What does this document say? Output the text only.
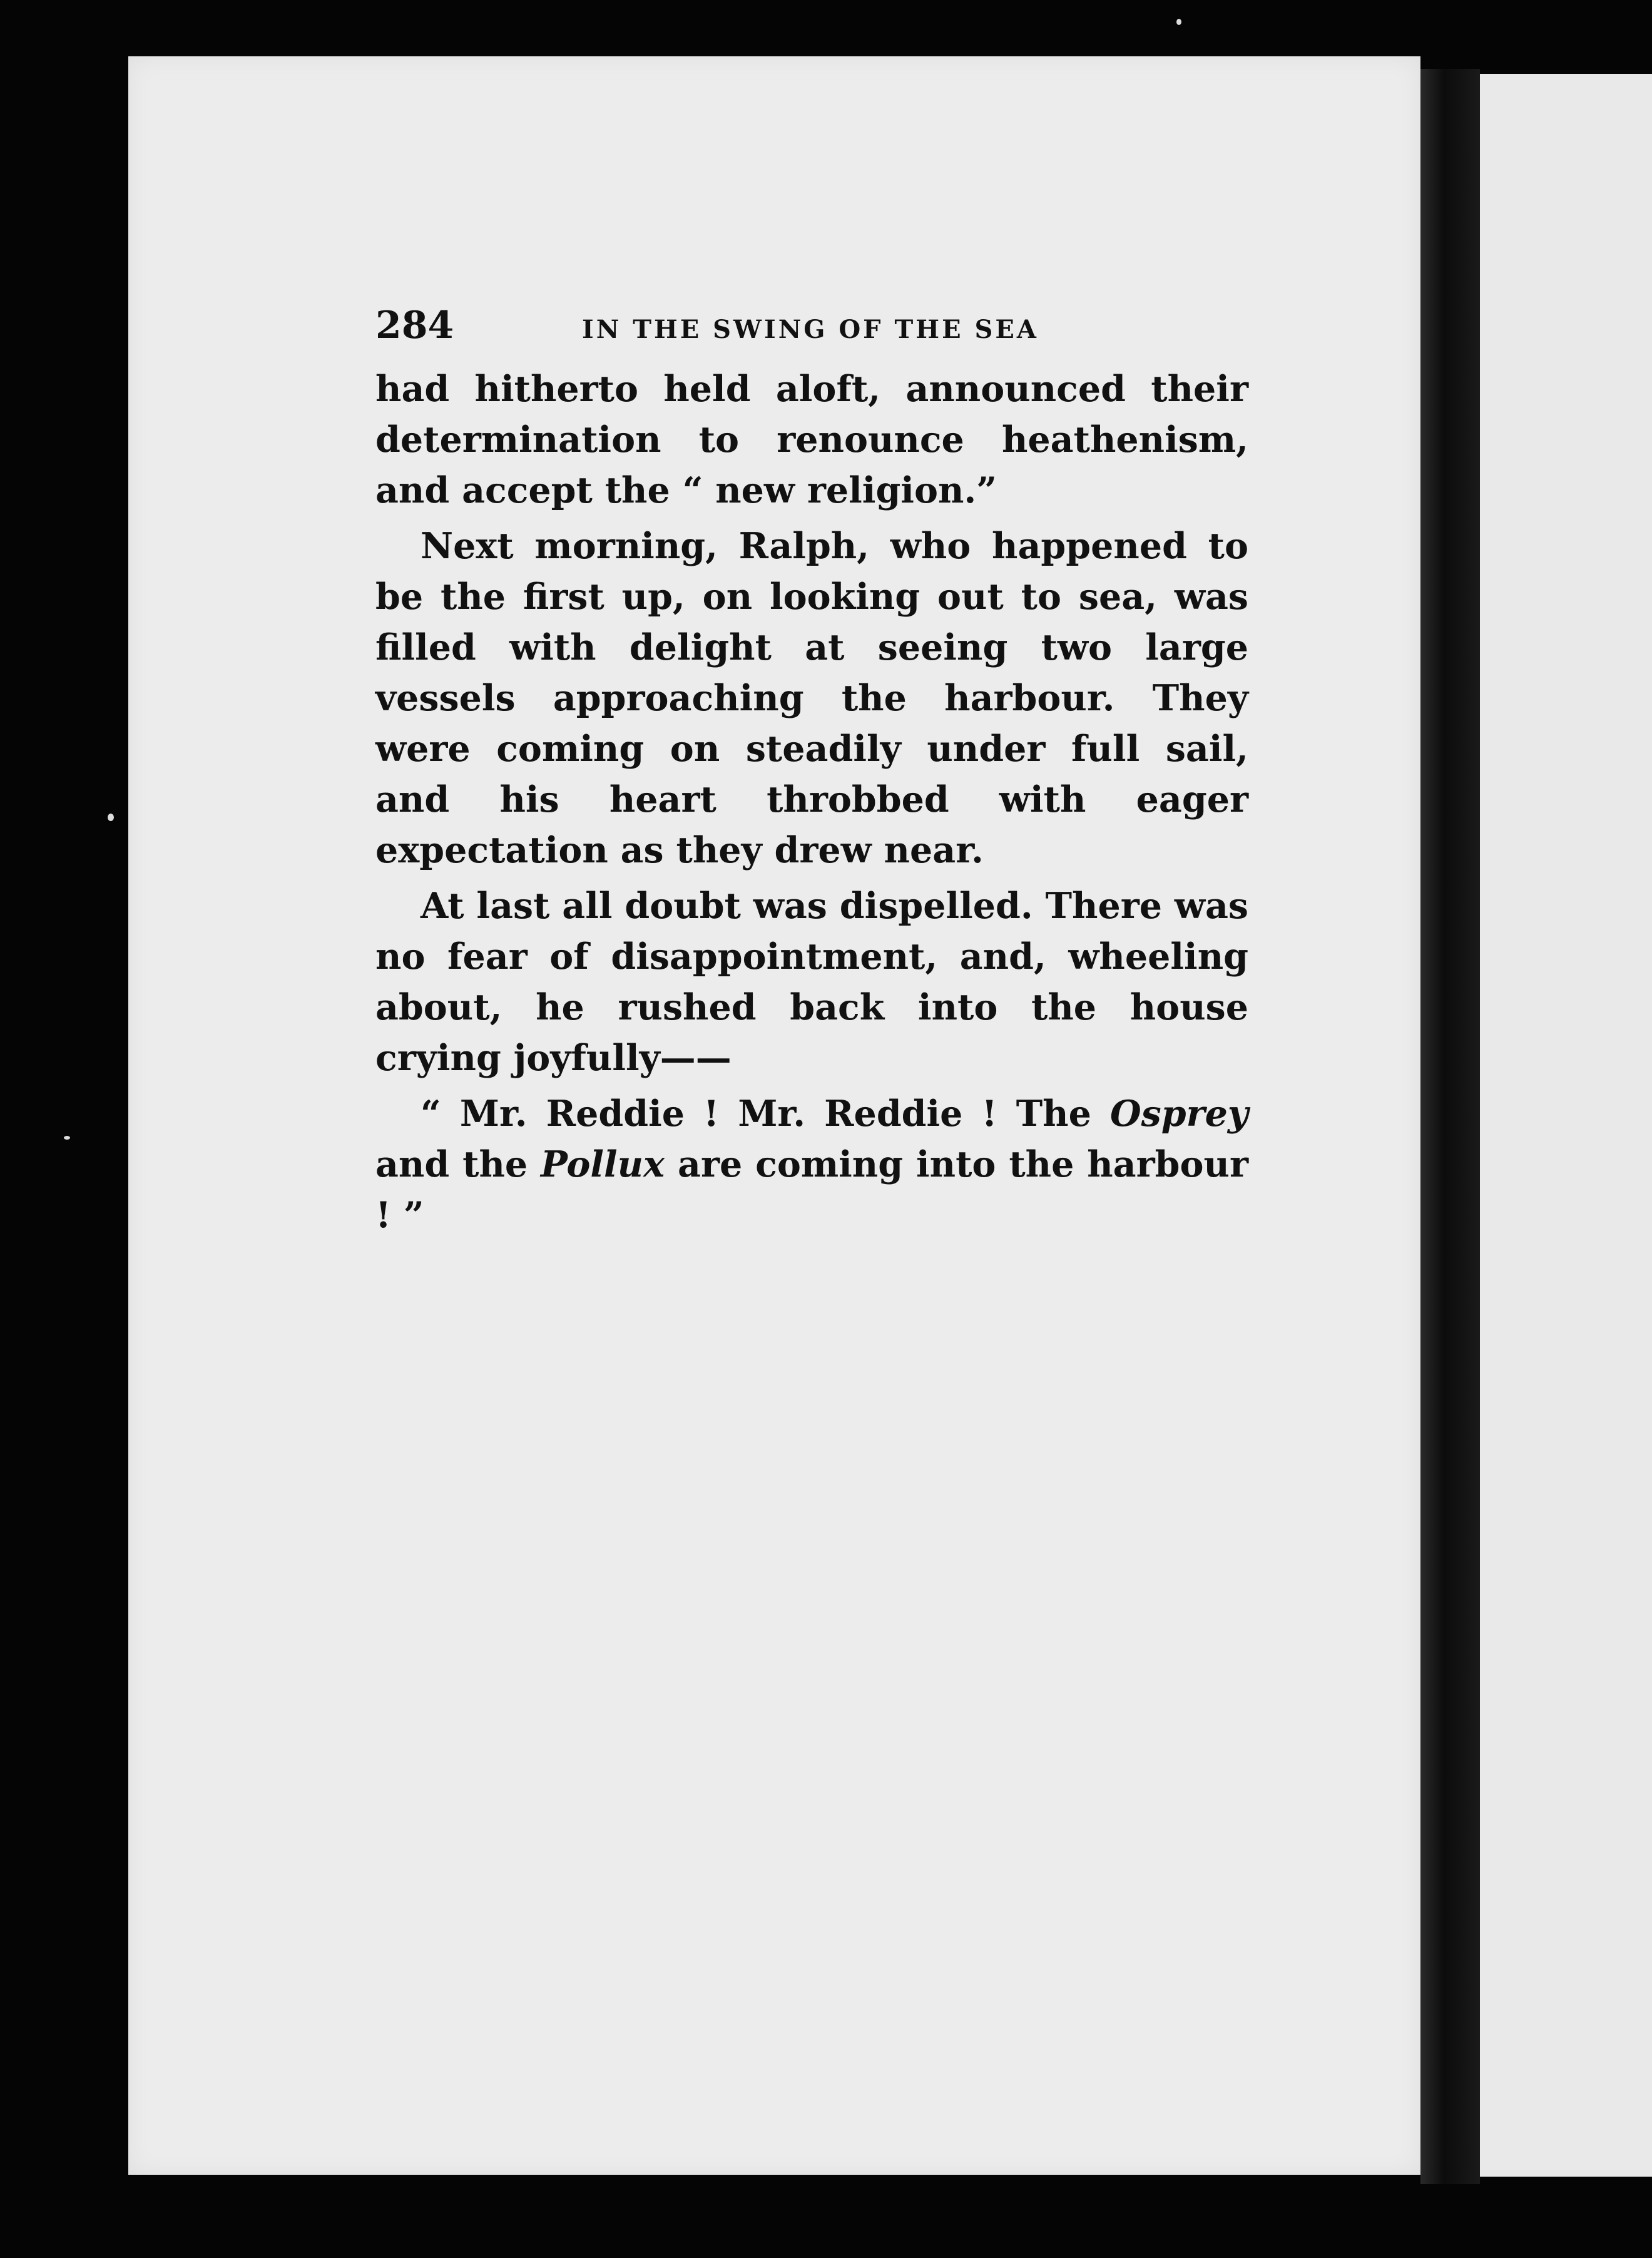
284	IN THE SWING OF THE SEA

had hitherto held aloft, announced their determination to renounce heathenism, and accept the “ new religion.”

Next morning, Ralph, who happened to be the first up, on looking out to sea, was filled with delight at seeing two large vessels approaching the harbour. They were coming on steadily under full sail, and his heart throbbed with eager expectation as they drew near.

At last all doubt was dispelled. There was no fear of disappointment, and, wheeling about, he rushed back into the house crying joyfully——

“ Mr. Reddie ! Mr. Reddie ! The Osprey and the Pollux are coming into the harbour ! ”
